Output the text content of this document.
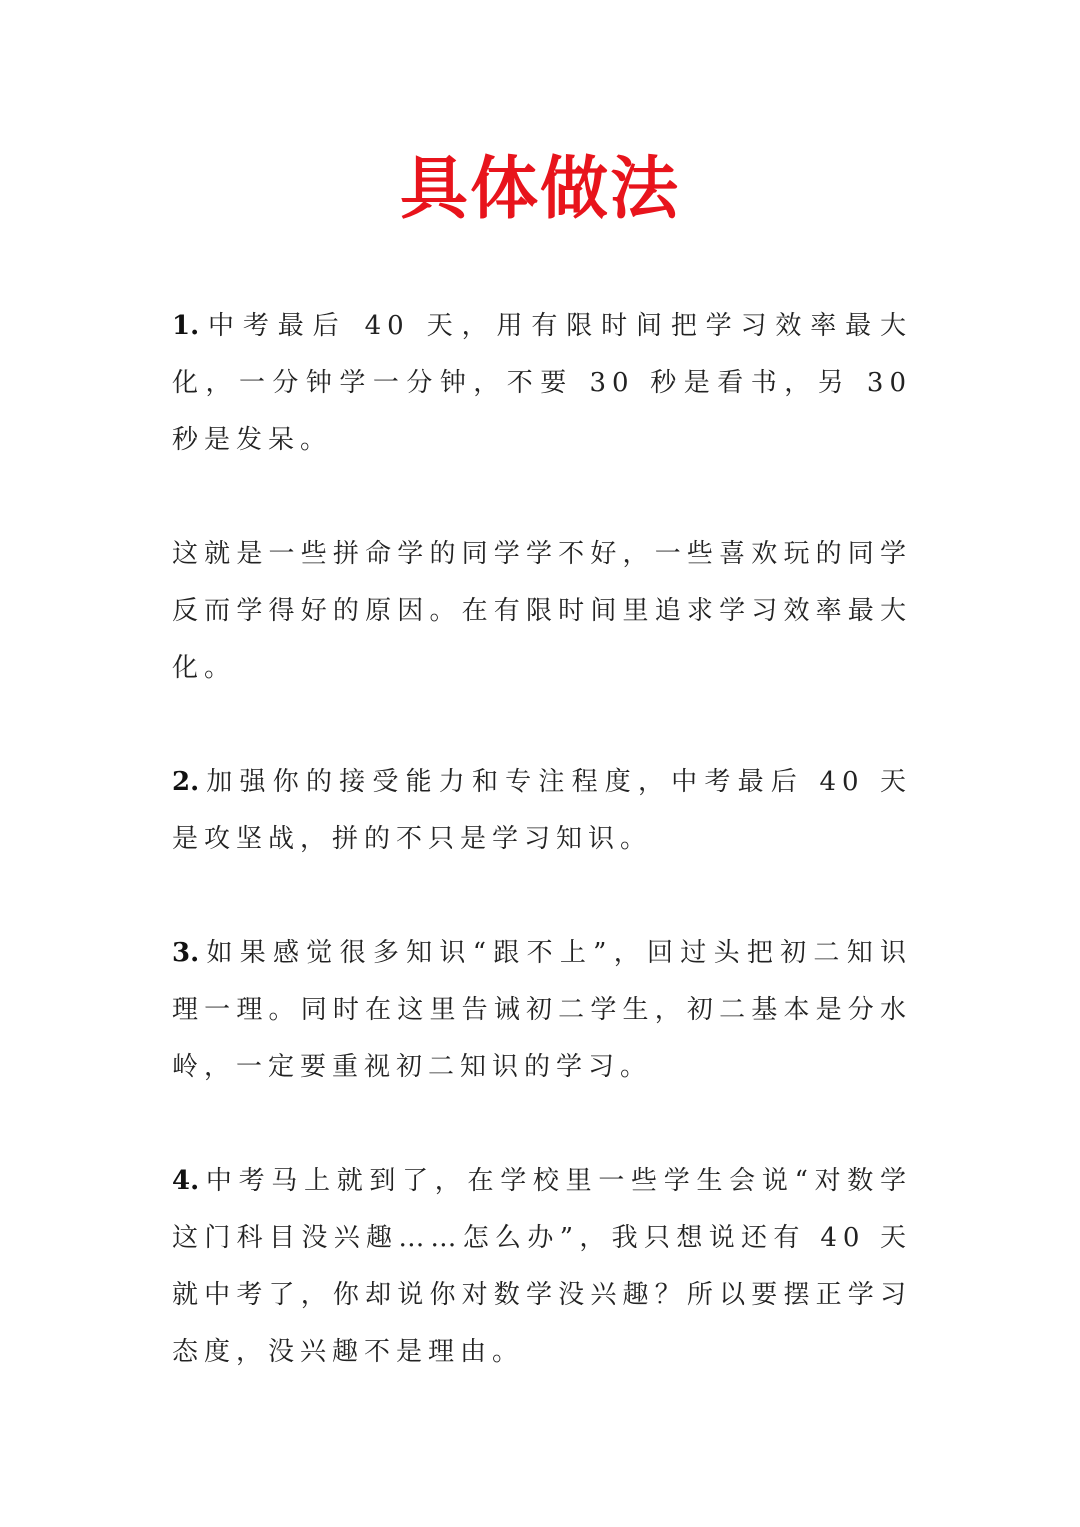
具体做法

1. 中考最后 40 天，用有限时间把学习效率最大化，一分钟学一分钟，不要 30 秒是看书，另 30 秒是发呆。

这就是一些拼命学的同学学不好，一些喜欢玩的同学反而学得好的原因。在有限时间里追求学习效率最大化。

2. 加强你的接受能力和专注程度，中考最后 40 天是攻坚战，拼的不只是学习知识。

3. 如果感觉很多知识“跟不上”，回过头把初二知识理一理。同时在这里告诫初二学生，初二基本是分水岭，一定要重视初二知识的学习。

4. 中考马上就到了，在学校里一些学生会说“对数学这门科目没兴趣……怎么办”，我只想说还有 40 天就中考了，你却说你对数学没兴趣？所以要摆正学习态度，没兴趣不是理由。
